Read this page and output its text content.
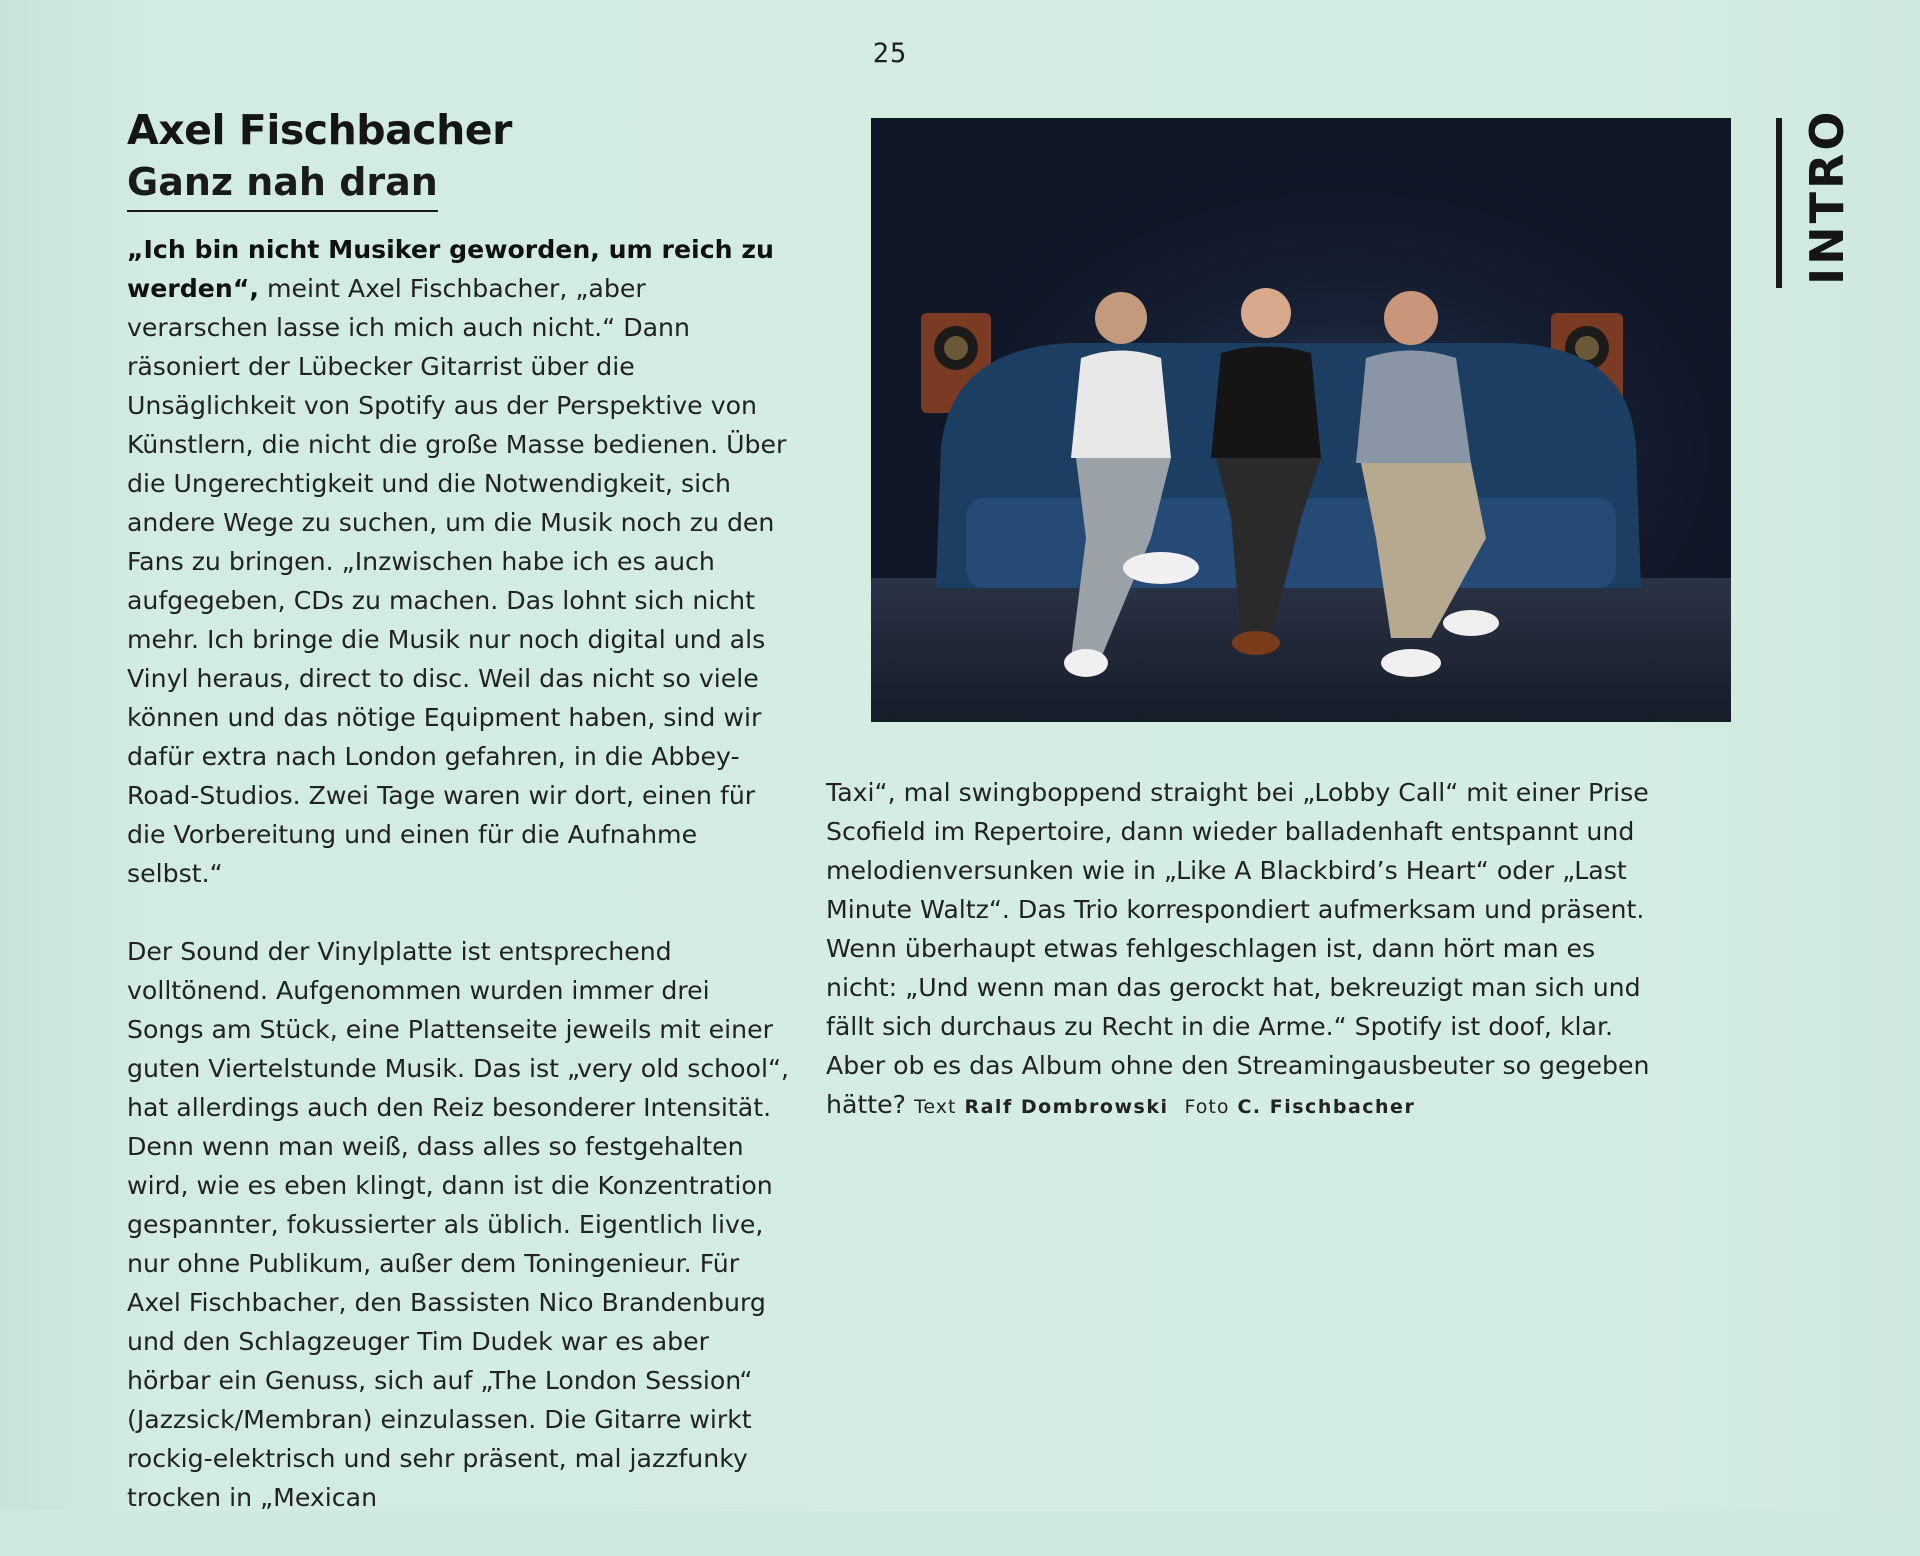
25
Axel Fischbacher
Ganz nah dran	INTRO

„Ich bin nicht Musiker geworden, um reich zu werden“, meint Axel Fischbacher, „aber verarschen lasse ich mich auch nicht.“ Dann räsoniert der Lübecker Gitarrist über die Unsäglichkeit von Spotify aus der Perspektive von Künstlern, die nicht die große Masse bedienen. Über die Ungerechtigkeit und die Notwendigkeit, sich andere Wege zu suchen, um die Musik noch zu den Fans zu bringen. „Inzwischen habe ich es auch aufgegeben, CDs zu machen. Das lohnt sich nicht mehr. Ich bringe die Musik nur noch digital und als Vinyl heraus, direct to disc. Weil das nicht so viele können und das nötige Equipment haben, sind wir dafür extra nach London gefahren, in die Abbey-Road-Studios. Zwei Tage waren wir dort, einen für die Vorbereitung und einen für die Aufnahme selbst.“

Der Sound der Vinylplatte ist entsprechend volltönend. Aufgenommen wurden immer drei Songs am Stück, eine Plattenseite jeweils mit einer guten Viertelstunde Musik. Das ist „very old school“, hat allerdings auch den Reiz besonderer Intensität. Denn wenn man weiß, dass alles so festgehalten wird, wie es eben klingt, dann ist die Konzentration gespannter, fokussierter als üblich. Eigentlich live, nur ohne Publikum, außer dem Toningenieur. Für Axel Fischbacher, den Bassisten Nico Brandenburg und den Schlagzeuger Tim Dudek war es aber hörbar ein Genuss, sich auf „The London Session“ (Jazzsick/Membran) einzulassen. Die Gitarre wirkt rockig-elektrisch und sehr präsent, mal jazzfunky trocken in „Mexican

Taxi“, mal swingboppend straight bei „Lobby Call“ mit einer Prise Scofield im Repertoire, dann wieder balladenhaft entspannt und melodienversunken wie in „Like A Blackbird’s Heart“ oder „Last Minute Waltz“. Das Trio korrespondiert aufmerksam und präsent. Wenn überhaupt etwas fehlgeschlagen ist, dann hört man es nicht: „Und wenn man das gerockt hat, bekreuzigt man sich und fällt sich durchaus zu Recht in die Arme.“ Spotify ist doof, klar. Aber ob es das Album ohne den Streamingausbeuter so gegeben hätte? Text Ralf Dombrowski Foto C. Fischbacher
